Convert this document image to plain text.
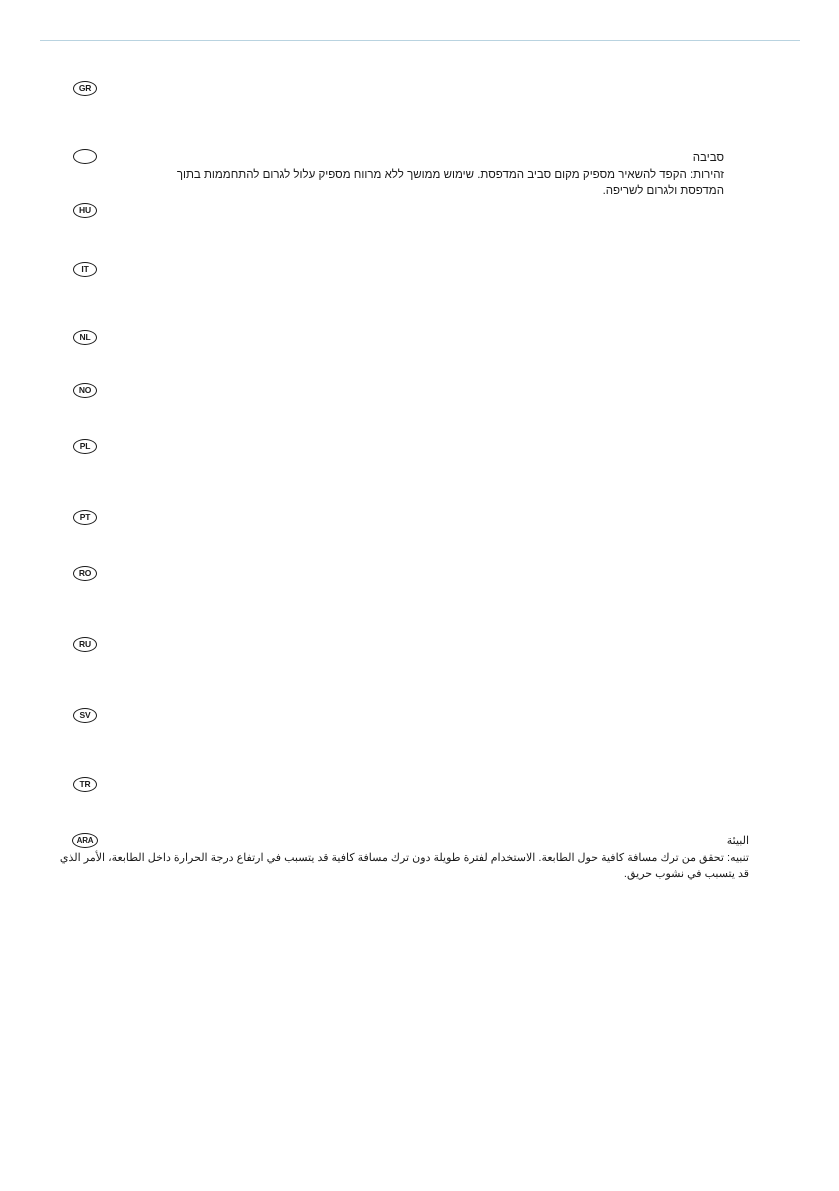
GR
סביבה
זהירות: הקפד להשאיר מספיק מקום סביב המדפסת. שימוש ממושך ללא מרווח מספיק עלול לגרום להתחממות בתוך
המדפסת ולגרום לשריפה.
HU
IT
NL
NO
PL
PT
RO
RU
SV
TR
ARA	البيئة
تنبيه: تحقق من ترك مسافة كافية حول الطابعة. الاستخدام لفترة طويلة دون ترك مسافة كافية قد يتسبب في ارتفاع درجة الحرارة داخل الطابعة، الأمر الذي
قد يتسبب في نشوب حريق.
